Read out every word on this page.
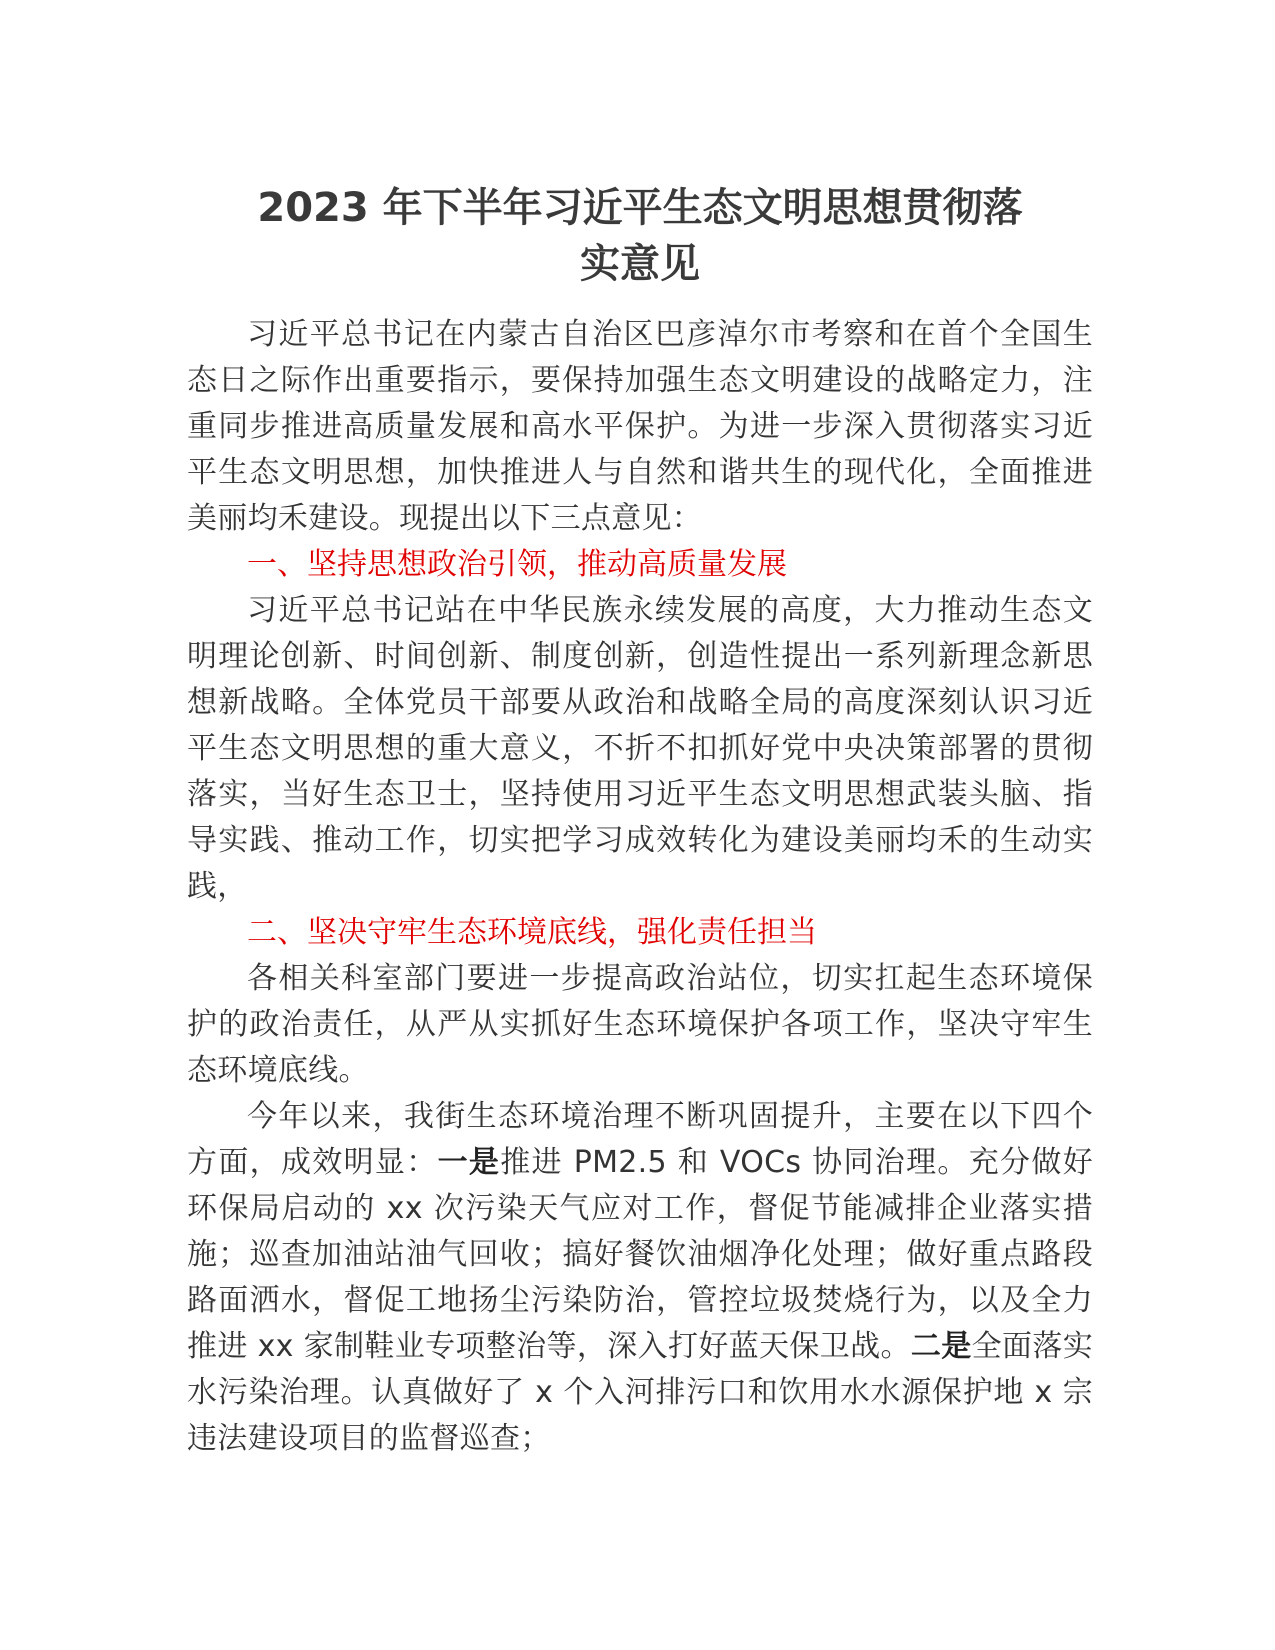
2023 年下半年习近平生态文明思想贯彻落
实意见

习近平总书记在内蒙古自治区巴彦淖尔市考察和在首个全国生态日之际作出重要指示，要保持加强生态文明建设的战略定力，注重同步推进高质量发展和高水平保护。为进一步深入贯彻落实习近平生态文明思想，加快推进人与自然和谐共生的现代化，全面推进美丽均禾建设。现提出以下三点意见：

一、坚持思想政治引领，推动高质量发展

习近平总书记站在中华民族永续发展的高度，大力推动生态文明理论创新、时间创新、制度创新，创造性提出一系列新理念新思想新战略。全体党员干部要从政治和战略全局的高度深刻认识习近平生态文明思想的重大意义，不折不扣抓好党中央决策部署的贯彻落实，当好生态卫士，坚持使用习近平生态文明思想武装头脑、指导实践、推动工作，切实把学习成效转化为建设美丽均禾的生动实践，

二、坚决守牢生态环境底线，强化责任担当

各相关科室部门要进一步提高政治站位，切实扛起生态环境保护的政治责任，从严从实抓好生态环境保护各项工作，坚决守牢生态环境底线。

今年以来，我街生态环境治理不断巩固提升，主要在以下四个方面，成效明显：一是推进 PM2.5 和 VOCs 协同治理。充分做好环保局启动的 xx 次污染天气应对工作，督促节能减排企业落实措施；巡查加油站油气回收；搞好餐饮油烟净化处理；做好重点路段路面洒水，督促工地扬尘污染防治，管控垃圾焚烧行为，以及全力推进 xx 家制鞋业专项整治等，深入打好蓝天保卫战。二是全面落实水污染治理。认真做好了 x 个入河排污口和饮用水水源保护地 x 宗违法建设项目的监督巡查；
